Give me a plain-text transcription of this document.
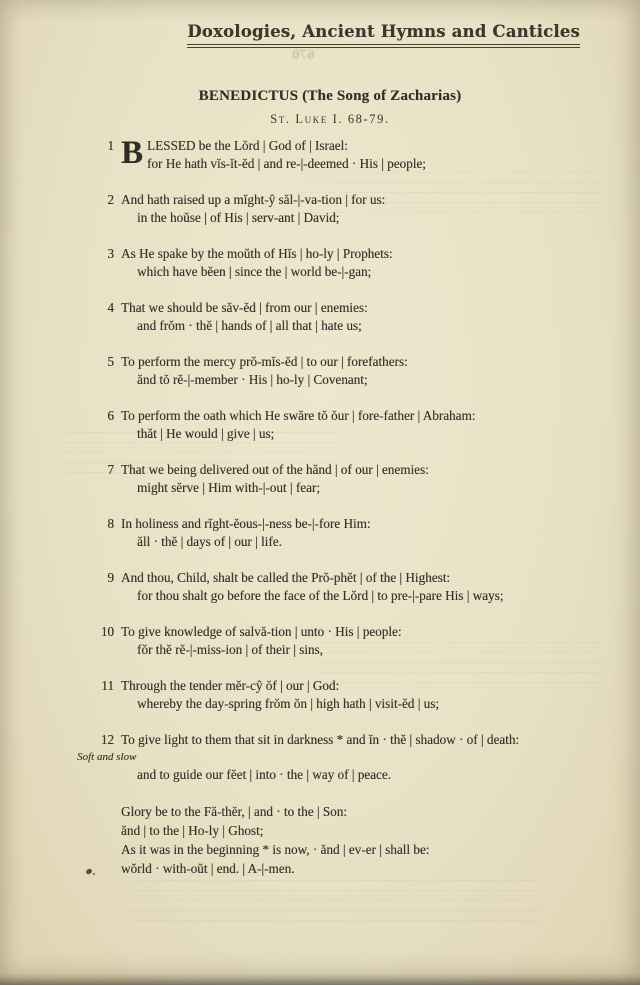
670
Doxologies, Ancient Hymns and Canticles
BENEDICTUS (The Song of Zacharias)
St. Luke I. 68-79.
1 B LESSED be the Lŏrd | God of | Israel:
for He hath vĭs-ĭt-ĕd | and re-|-deemed · His | people;
2 And hath raised up a mĭght-ŷ săl-|-va-tion | for us:
in the hoŭse | of His | serv-ant | David;
3 As He spake by the moŭth of Hĭs | ho-ly | Prophets:
which have bĕen | since the | world be-|-gan;
4 That we should be săv-ĕd | from our | enemies:
and frŏm · thĕ | hands of | all that | hate us;
5 To perform the mercy prŏ-mĭs-ĕd | to our | forefathers:
ănd tŏ rĕ-|-member · His | ho-ly | Covenant;
6 To perform the oath which He swăre tŏ ŏur | fore-father | Abraham:
thăt | He would | give | us;
7 That we being delivered out of the hănd | of our | enemies:
might sĕrve | Him with-|-out | fear;
8 In holiness and rĭght-ĕous-|-ness be-|-fore Him:
ăll · thĕ | days of | our | life.
9 And thou, Child, shalt be called the Prŏ-phĕt | of the | Highest:
for thou shalt go before the face of the Lŏrd | to pre-|-pare His | ways;
10 To give knowledge of salvă-tion | unto · His | people:
fŏr thĕ rĕ-|-miss-ion | of their | sins,
11 Through the tender mĕr-cŷ ŏf | our | God:
whereby the day-spring frŏm ŏn | high hath | visit-ĕd | us;
12 To give light to them that sit in darkness * and ĭn · thĕ | shadow · of | death:
Soft and slow
and to guide our fĕet | into · the | way of | peace.
Glory be to the Fă-thĕr, | and · to the | Son:
ănd | to the | Ho-ly | Ghost;
As it was in the beginning * is now, · ănd | ev-er | shall be:
wŏrld · with-oŭt | end. | A-|-men.
